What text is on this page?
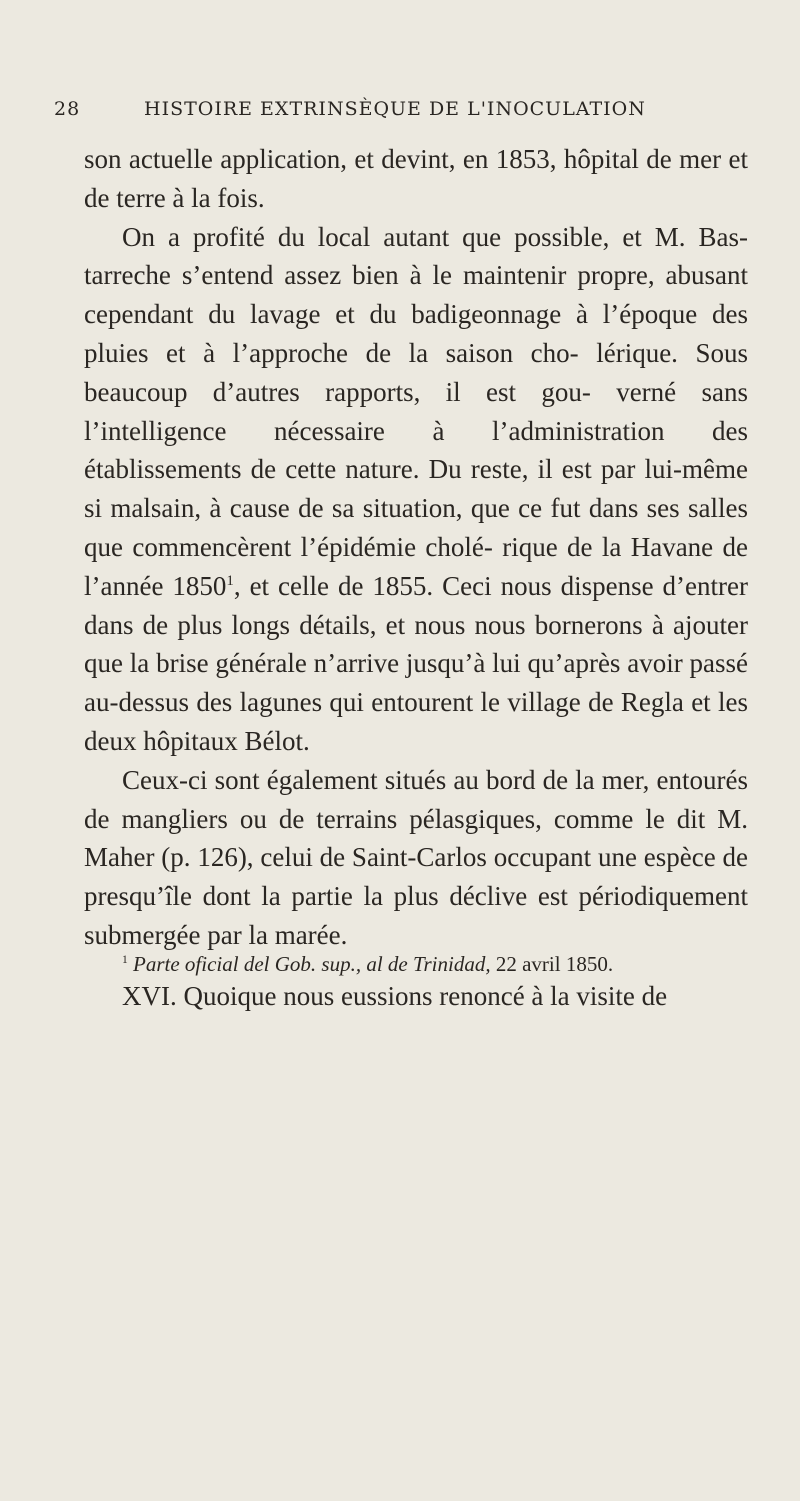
28	HISTOIRE EXTRINSÈQUE DE L'INOCULATION

son actuelle application, et devint, en 1853, hôpital de mer et de terre à la fois.

On a profité du local autant que possible, et M. Bas- tarreche s’entend assez bien à le maintenir propre, abusant cependant du lavage et du badigeonnage à l’époque des pluies et à l’approche de la saison cho- lérique. Sous beaucoup d’autres rapports, il est gou- verné sans l’intelligence nécessaire à l’administration des établissements de cette nature. Du reste, il est par lui-même si malsain, à cause de sa situation, que ce fut dans ses salles que commencèrent l’épidémie cholé- rique de la Havane de l’année 1850$^1$, et celle de 1855. Ceci nous dispense d’entrer dans de plus longs détails, et nous nous bornerons à ajouter que la brise générale n’arrive jusqu’à lui qu’après avoir passé au-dessus des lagunes qui entourent le village de Regla et les deux hôpitaux Bélot.

Ceux-ci sont également situés au bord de la mer, entourés de mangliers ou de terrains pélasgiques, comme le dit M. Maher (p. 126), celui de Saint-Carlos occupant une espèce de presqu’île dont la partie la plus déclive est périodiquement submergée par la marée.

XVI. Quoique nous eussions renoncé à la visite de

$^1$ Parte oficial del Gob. sup., al de Trinidad, 22 avril 1850.
